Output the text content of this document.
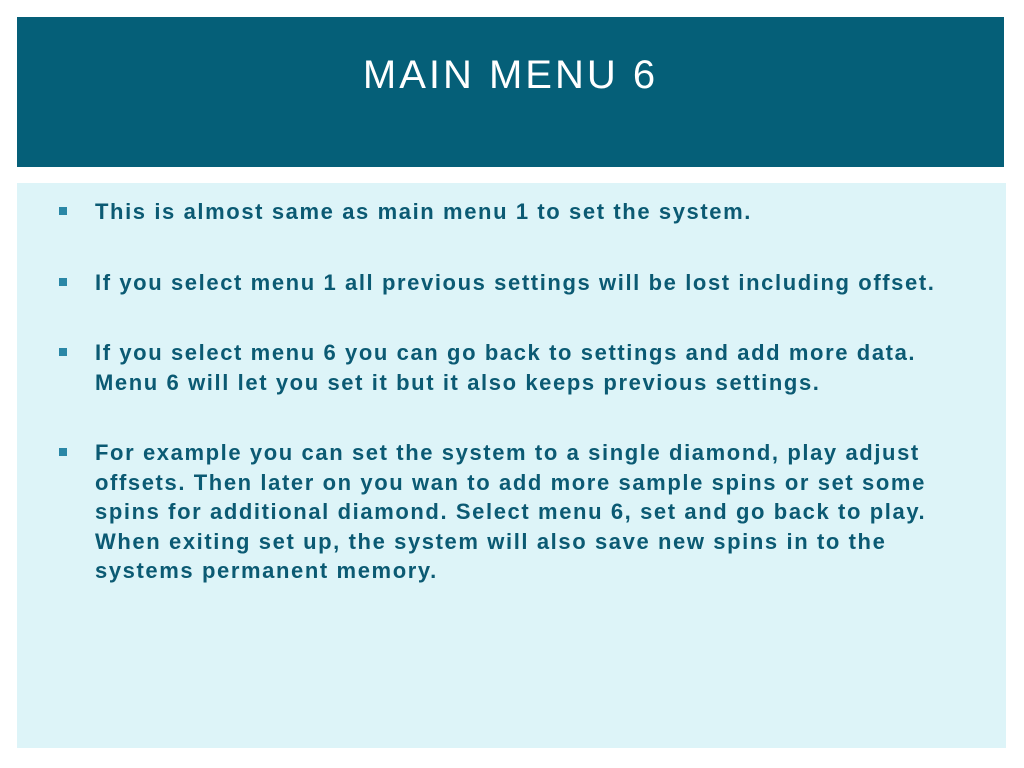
MAIN MENU 6
This is almost same as main menu 1 to set the system.
If you select menu 1 all previous settings will be lost including offset.
If you select menu 6 you can go back to settings and add more data. Menu 6 will let you set it but it also keeps previous settings.
For example you can set the system to a single diamond, play adjust offsets. Then later on you wan to add more sample spins or set some spins for additional diamond. Select menu 6, set and go back to play. When exiting set up, the system will also save new spins in to the systems permanent memory.
